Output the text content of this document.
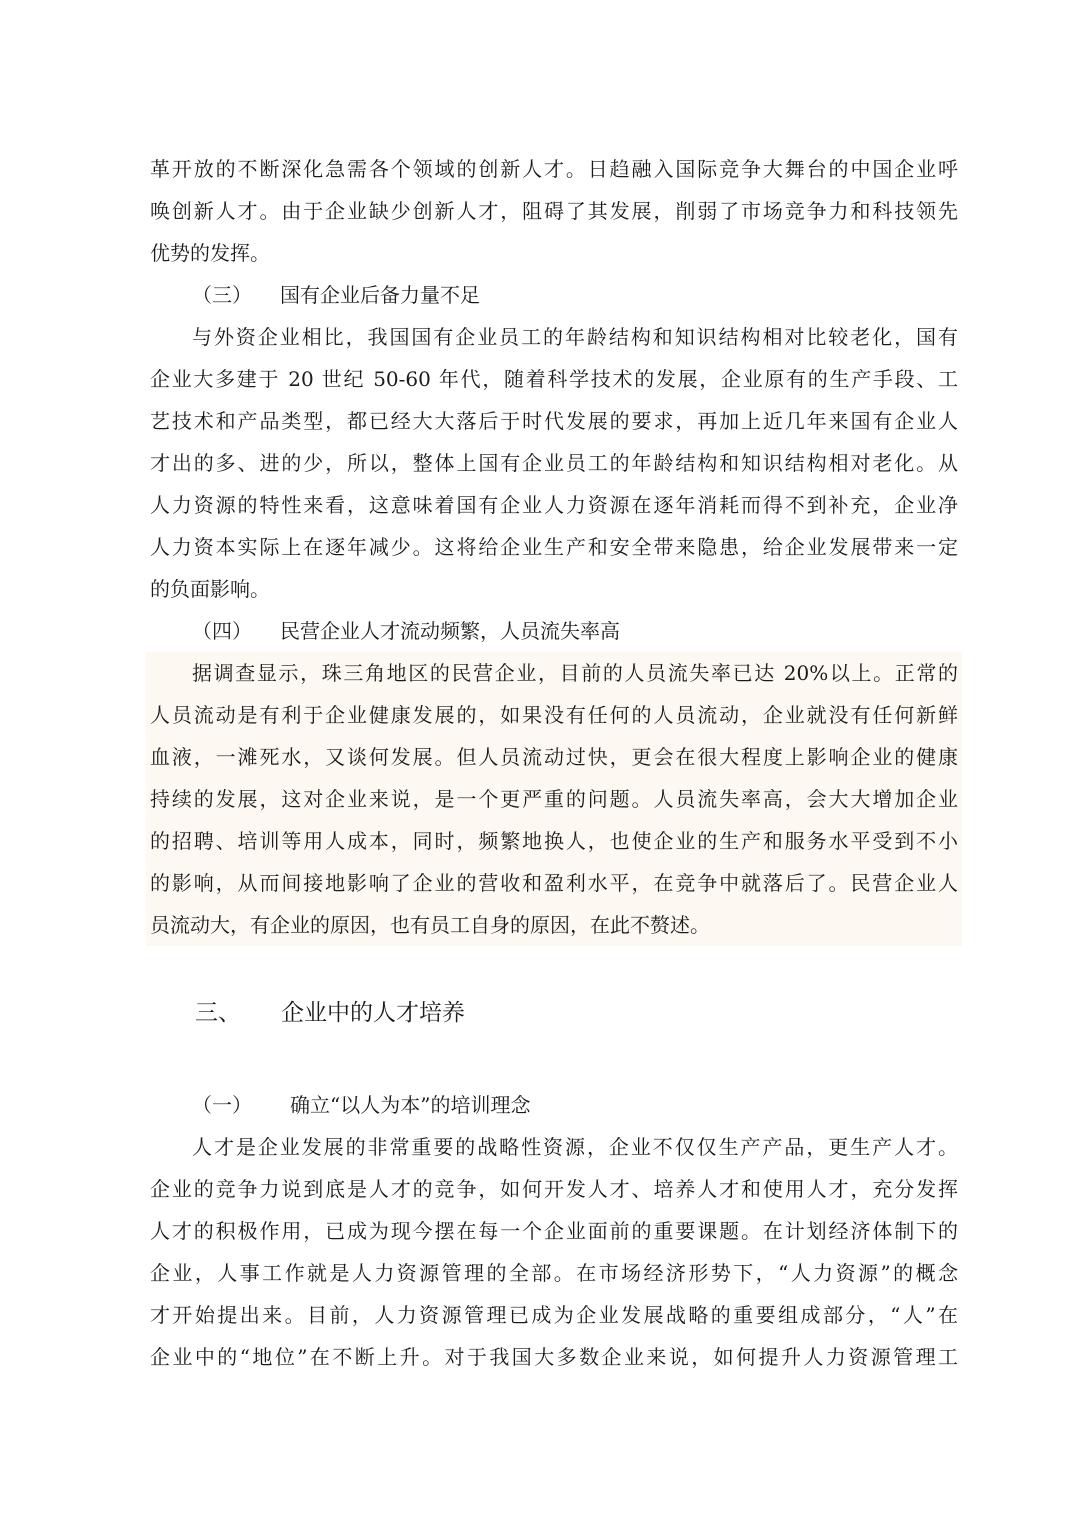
革开放的不断深化急需各个领域的创新人才。日趋融入国际竞争大舞台的中国企业呼
唤创新人才。由于企业缺少创新人才，阻碍了其发展，削弱了市场竞争力和科技领先
优势的发挥。
（三） 国有企业后备力量不足
与外资企业相比，我国国有企业员工的年龄结构和知识结构相对比较老化，国有
企业大多建于 20 世纪 50-60 年代，随着科学技术的发展，企业原有的生产手段、工
艺技术和产品类型，都已经大大落后于时代发展的要求，再加上近几年来国有企业人
才出的多、进的少，所以，整体上国有企业员工的年龄结构和知识结构相对老化。从
人力资源的特性来看，这意味着国有企业人力资源在逐年消耗而得不到补充，企业净
人力资本实际上在逐年减少。这将给企业生产和安全带来隐患，给企业发展带来一定
的负面影响。
（四） 民营企业人才流动频繁，人员流失率高
据调查显示，珠三角地区的民营企业，目前的人员流失率已达 20%以上。正常的
人员流动是有利于企业健康发展的，如果没有任何的人员流动，企业就没有任何新鲜
血液，一滩死水，又谈何发展。但人员流动过快，更会在很大程度上影响企业的健康
持续的发展，这对企业来说，是一个更严重的问题。人员流失率高，会大大增加企业
的招聘、培训等用人成本，同时，频繁地换人，也使企业的生产和服务水平受到不小
的影响，从而间接地影响了企业的营收和盈利水平，在竞争中就落后了。民营企业人
员流动大，有企业的原因，也有员工自身的原因，在此不赘述。
三、 企业中的人才培养
（一） 确立“以人为本”的培训理念
人才是企业发展的非常重要的战略性资源，企业不仅仅生产产品，更生产人才。
企业的竞争力说到底是人才的竞争，如何开发人才、培养人才和使用人才，充分发挥
人才的积极作用，已成为现今摆在每一个企业面前的重要课题。在计划经济体制下的
企业，人事工作就是人力资源管理的全部。在市场经济形势下，“人力资源”的概念
才开始提出来。目前，人力资源管理已成为企业发展战略的重要组成部分，“人”在
企业中的“地位”在不断上升。对于我国大多数企业来说，如何提升人力资源管理工
